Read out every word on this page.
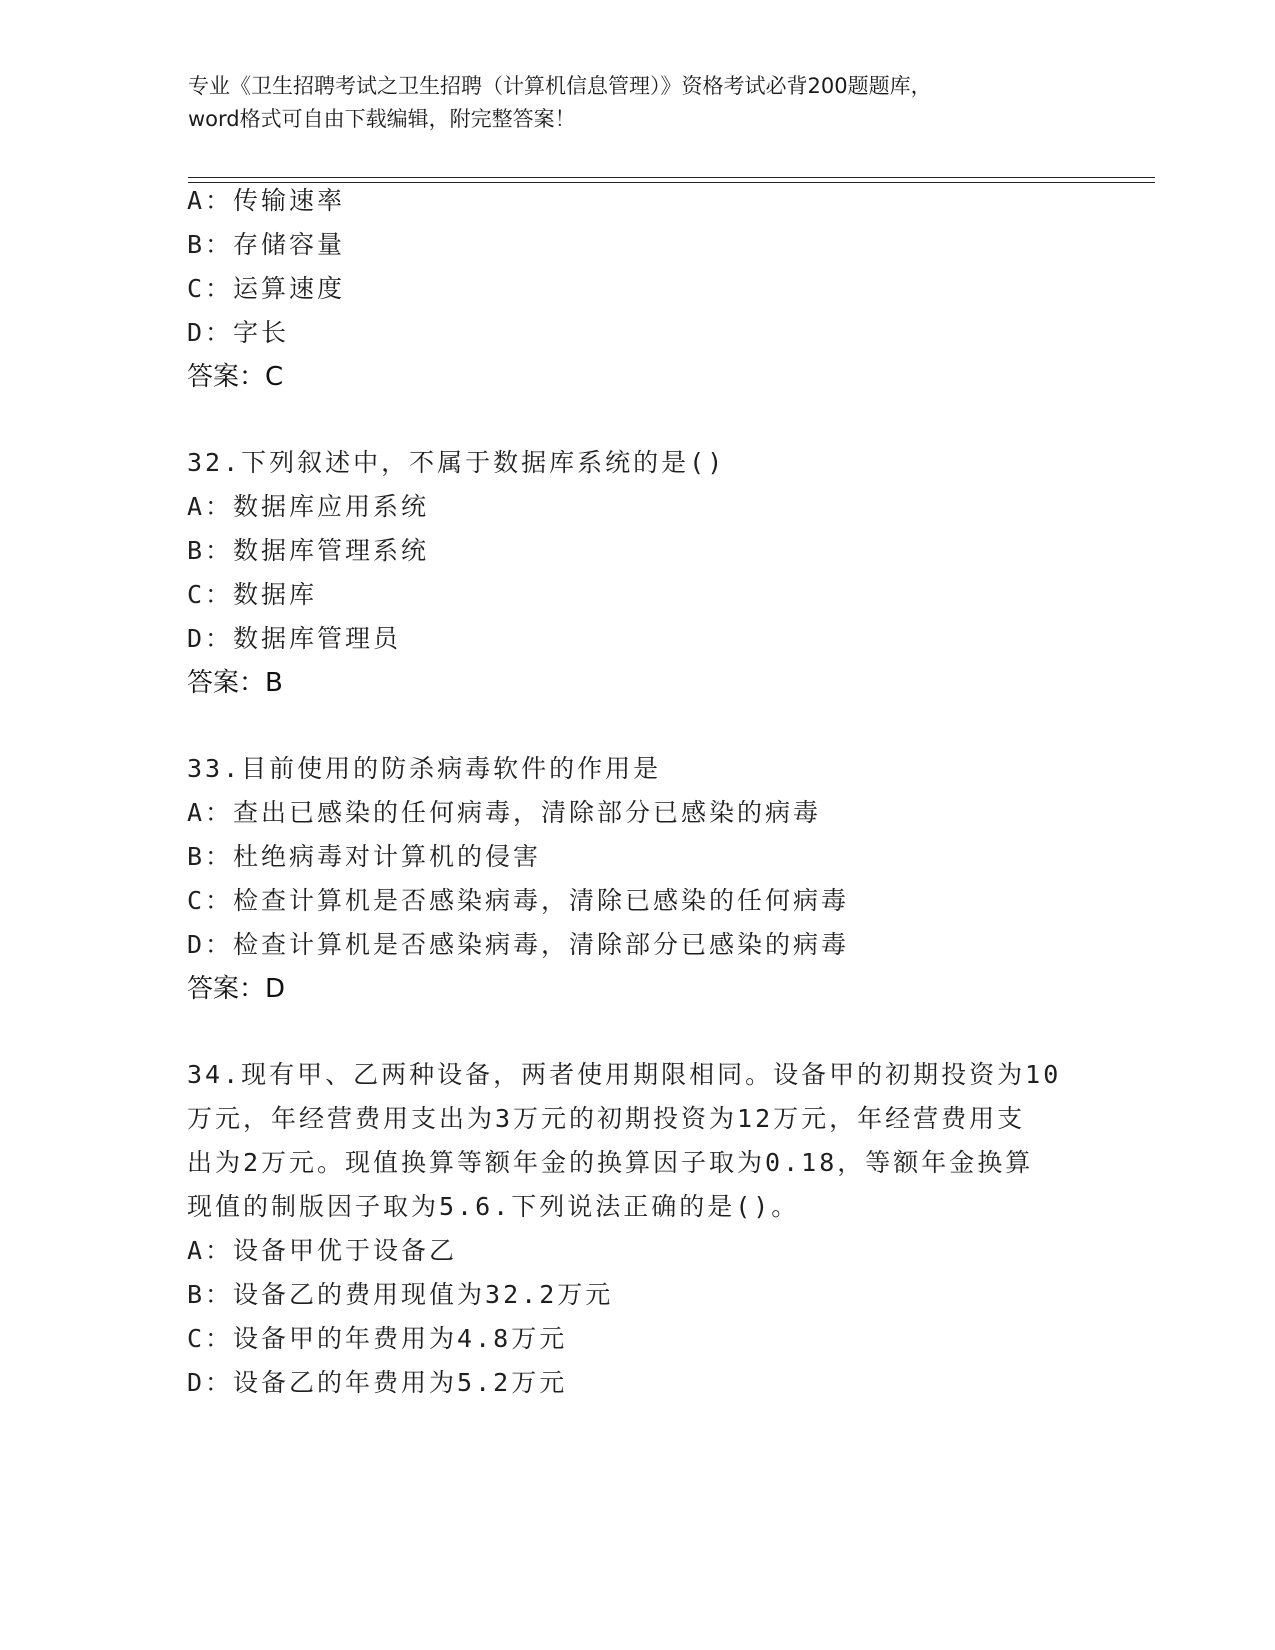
专业《卫生招聘考试之卫生招聘（计算机信息管理）》资格考试必背200题题库，
word格式可自由下载编辑，附完整答案！
A：传输速率
B：存储容量
C：运算速度
D：字长
答案：C
32.下列叙述中，不属于数据库系统的是()
A：数据库应用系统
B：数据库管理系统
C：数据库
D：数据库管理员
答案：B
33.目前使用的防杀病毒软件的作用是
A：查出已感染的任何病毒，清除部分已感染的病毒
B：杜绝病毒对计算机的侵害
C：检查计算机是否感染病毒，清除已感染的任何病毒
D：检查计算机是否感染病毒，清除部分已感染的病毒
答案：D
34.现有甲、乙两种设备，两者使用期限相同。设备甲的初期投资为10
万元，年经营费用支出为3万元的初期投资为12万元，年经营费用支
出为2万元。现值换算等额年金的换算因子取为0.18，等额年金换算
现值的制版因子取为5.6.下列说法正确的是()。
A：设备甲优于设备乙
B：设备乙的费用现值为32.2万元
C：设备甲的年费用为4.8万元
D：设备乙的年费用为5.2万元
